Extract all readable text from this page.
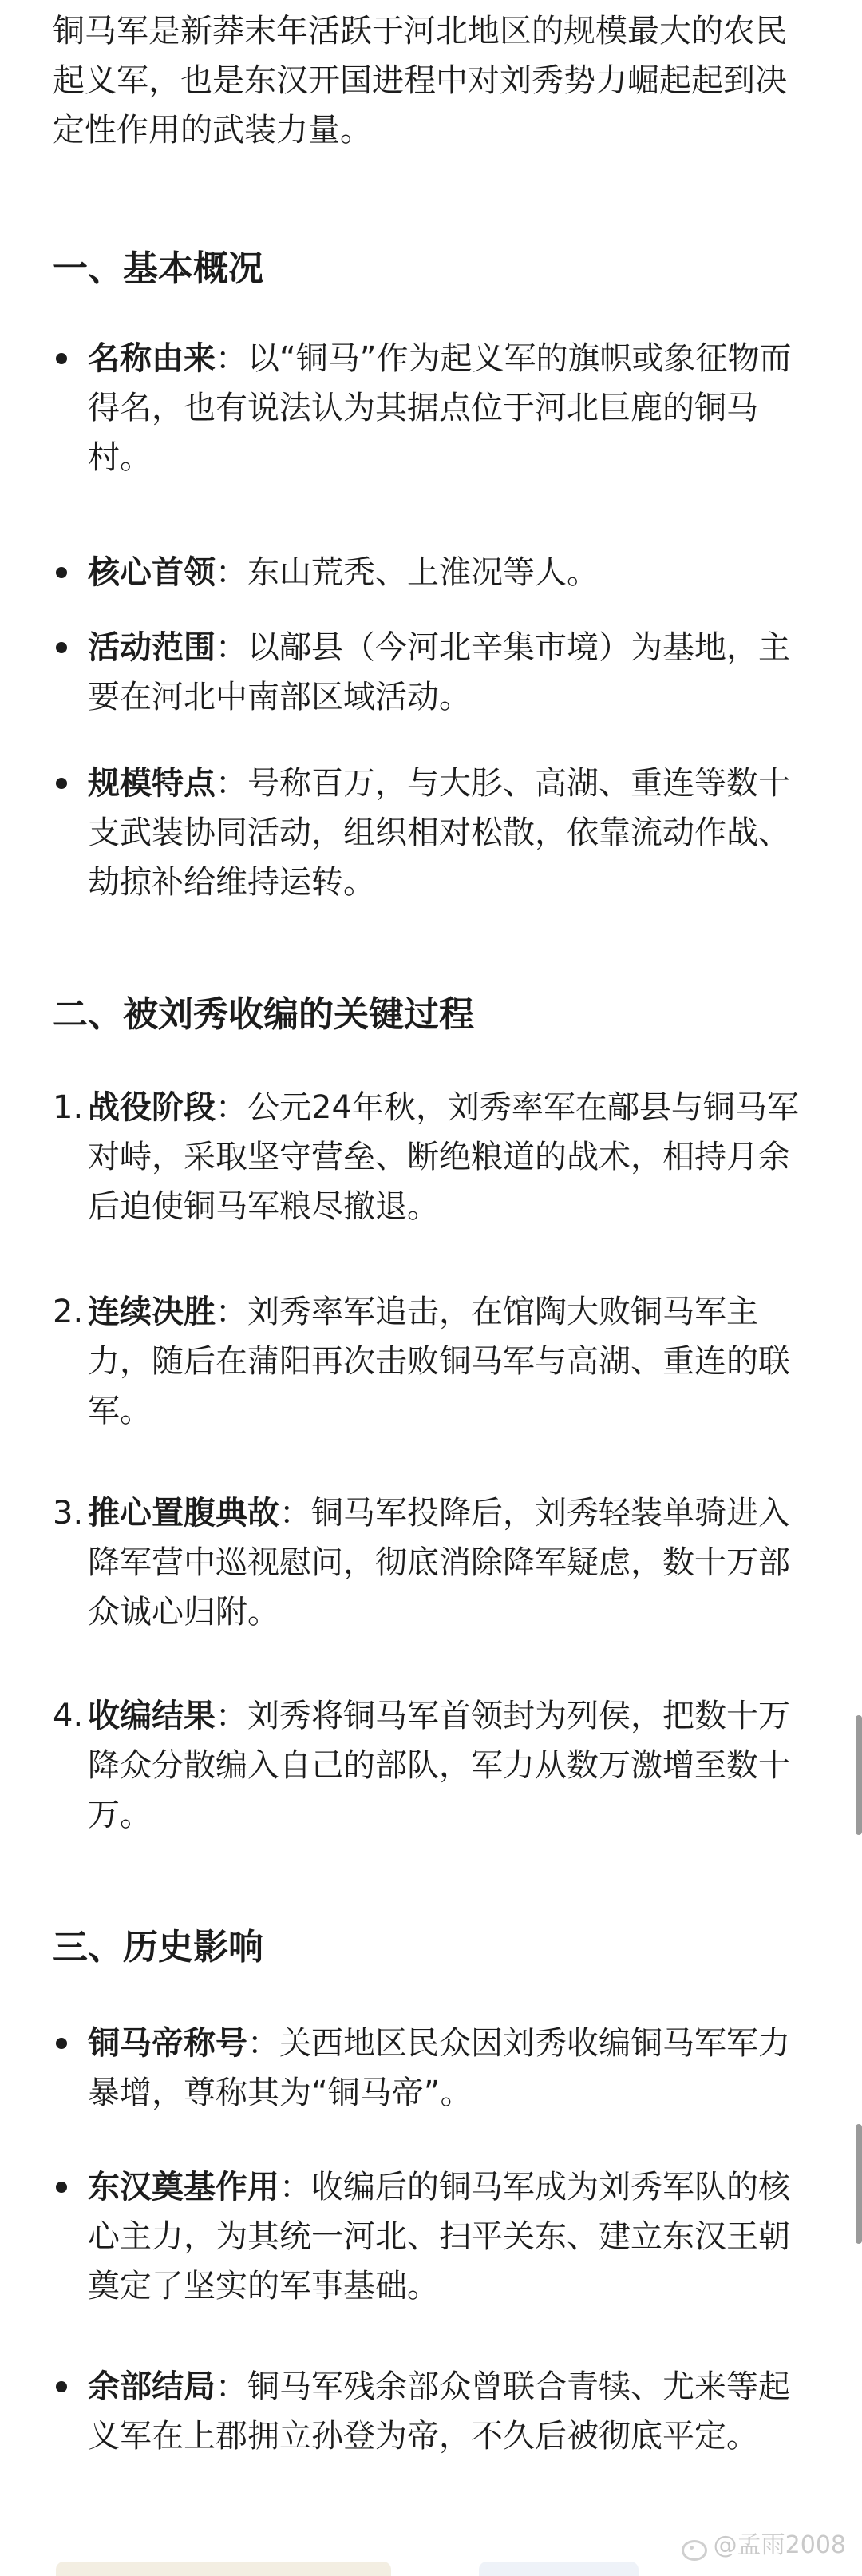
铜马军是新莽末年活跃于河北地区的规模最大的农民起义军，也是东汉开国进程中对刘秀势力崛起起到决定性作用的武装力量。

一、基本概况
名称由来：以“铜马”作为起义军的旗帜或象征物而得名，也有说法认为其据点位于河北巨鹿的铜马村。
核心首领：东山荒秃、上淮况等人。
活动范围：以鄗县（今河北辛集市境）为基地，主要在河北中南部区域活动。
规模特点：号称百万，与大肜、高湖、重连等数十支武装协同活动，组织相对松散，依靠流动作战、劫掠补给维持运转。
二、被刘秀收编的关键过程
1. 战役阶段：公元24年秋，刘秀率军在鄗县与铜马军对峙，采取坚守营垒、断绝粮道的战术，相持月余后迫使铜马军粮尽撤退。
2. 连续决胜：刘秀率军追击，在馆陶大败铜马军主力，随后在蒲阳再次击败铜马军与高湖、重连的联军。
3. 推心置腹典故：铜马军投降后，刘秀轻装单骑进入降军营中巡视慰问，彻底消除降军疑虑，数十万部众诚心归附。
4. 收编结果：刘秀将铜马军首领封为列侯，把数十万降众分散编入自己的部队，军力从数万激增至数十万。
三、历史影响
铜马帝称号：关西地区民众因刘秀收编铜马军军力暴增，尊称其为“铜马帝”。
东汉奠基作用：收编后的铜马军成为刘秀军队的核心主力，为其统一河北、扫平关东、建立东汉王朝奠定了坚实的军事基础。
余部结局：铜马军残余部众曾联合青犊、尤来等起义军在上郡拥立孙登为帝，不久后被彻底平定。
@孟雨2008
